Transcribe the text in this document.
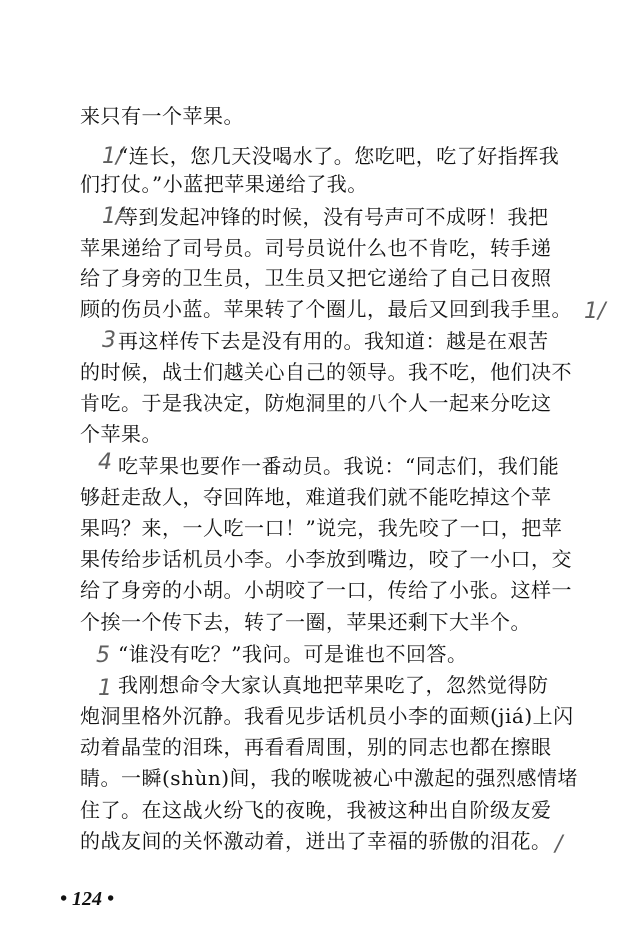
来只有一个苹果。
“连长，您几天没喝水了。您吃吧，吃了好指挥我
们打仗。”小蓝把苹果递给了我。
等到发起冲锋的时候，没有号声可不成呀！我把
苹果递给了司号员。司号员说什么也不肯吃，转手递
给了身旁的卫生员，卫生员又把它递给了自己日夜照
顾的伤员小蓝。苹果转了个圈儿，最后又回到我手里。
再这样传下去是没有用的。我知道：越是在艰苦
的时候，战士们越关心自己的领导。我不吃，他们决不
肯吃。于是我决定，防炮洞里的八个人一起来分吃这
个苹果。
吃苹果也要作一番动员。我说：“同志们，我们能
够赶走敌人，夺回阵地，难道我们就不能吃掉这个苹
果吗？来，一人吃一口！”说完，我先咬了一口，把苹
果传给步话机员小李。小李放到嘴边，咬了一小口，交
给了身旁的小胡。小胡咬了一口，传给了小张。这样一
个挨一个传下去，转了一圈，苹果还剩下大半个。
“谁没有吃？”我问。可是谁也不回答。
我刚想命令大家认真地把苹果吃了，忽然觉得防
炮洞里格外沉静。我看见步话机员小李的面颊(jiá)上闪
动着晶莹的泪珠，再看看周围，别的同志也都在擦眼
睛。一瞬(shùn)间，我的喉咙被心中激起的强烈感情堵
住了。在这战火纷飞的夜晚，我被这种出自阶级友爱
的战友间的关怀激动着，迸出了幸福的骄傲的泪花。
1/
1/
1/
3
4
5
1
/
• 124 •
